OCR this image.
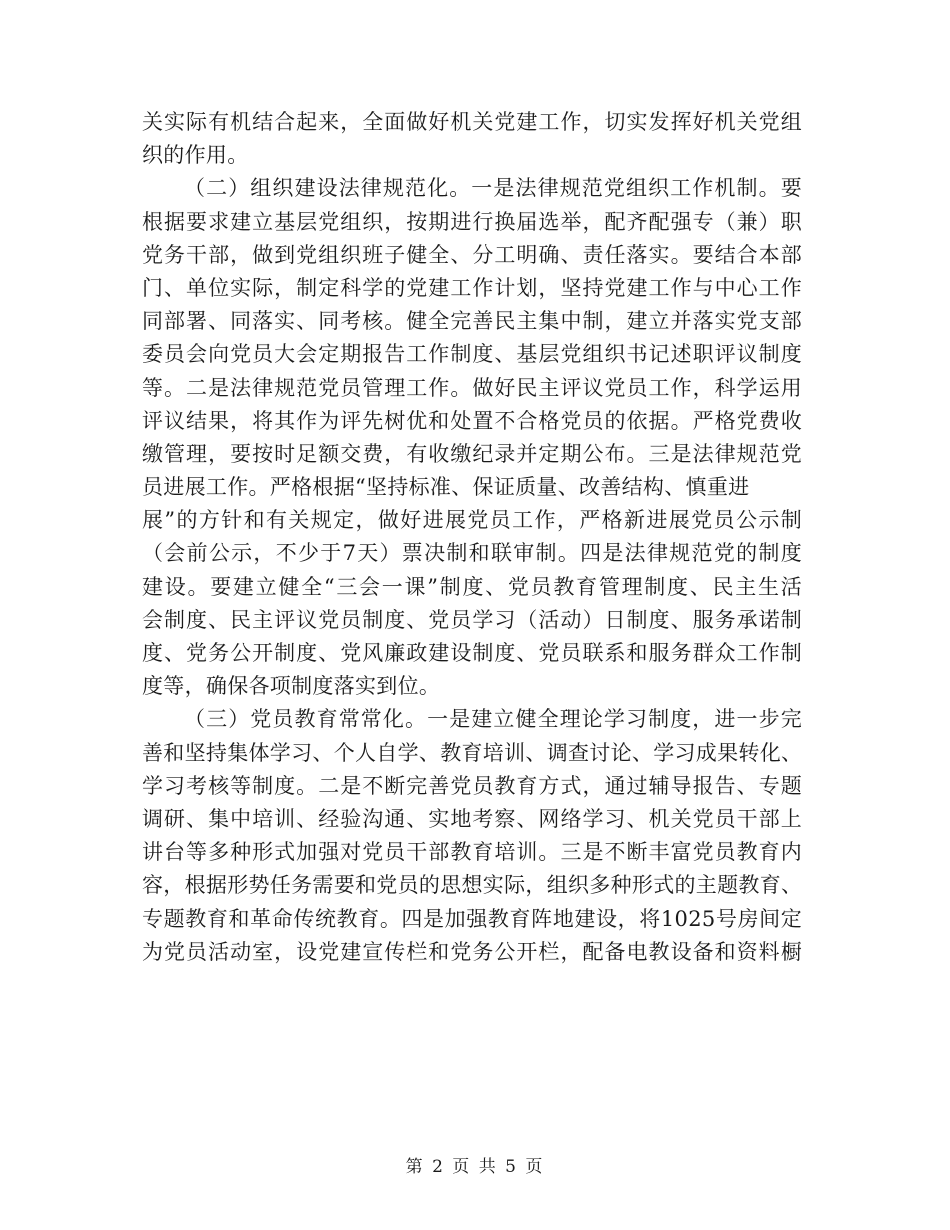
关实际有机结合起来，全面做好机关党建工作，切实发挥好机关党组
织的作用。
（二）组织建设法律规范化。一是法律规范党组织工作机制。要
根据要求建立基层党组织，按期进行换届选举，配齐配强专（兼）职
党务干部，做到党组织班子健全、分工明确、责任落实。要结合本部
门、单位实际，制定科学的党建工作计划，坚持党建工作与中心工作
同部署、同落实、同考核。健全完善民主集中制，建立并落实党支部
委员会向党员大会定期报告工作制度、基层党组织书记述职评议制度
等。二是法律规范党员管理工作。做好民主评议党员工作，科学运用
评议结果，将其作为评先树优和处置不合格党员的依据。严格党费收
缴管理，要按时足额交费，有收缴纪录并定期公布。三是法律规范党
员进展工作。严格根据“坚持标准、保证质量、改善结构、慎重进
展”的方针和有关规定，做好进展党员工作，严格新进展党员公示制
（会前公示，不少于7天）票决制和联审制。四是法律规范党的制度
建设。要建立健全“三会一课”制度、党员教育管理制度、民主生活
会制度、民主评议党员制度、党员学习（活动）日制度、服务承诺制
度、党务公开制度、党风廉政建设制度、党员联系和服务群众工作制
度等，确保各项制度落实到位。
（三）党员教育常常化。一是建立健全理论学习制度，进一步完
善和坚持集体学习、个人自学、教育培训、调查讨论、学习成果转化、
学习考核等制度。二是不断完善党员教育方式，通过辅导报告、专题
调研、集中培训、经验沟通、实地考察、网络学习、机关党员干部上
讲台等多种形式加强对党员干部教育培训。三是不断丰富党员教育内
容，根据形势任务需要和党员的思想实际，组织多种形式的主题教育、
专题教育和革命传统教育。四是加强教育阵地建设，将1025号房间定
为党员活动室，设党建宣传栏和党务公开栏，配备电教设备和资料橱
第 2 页 共 5 页
